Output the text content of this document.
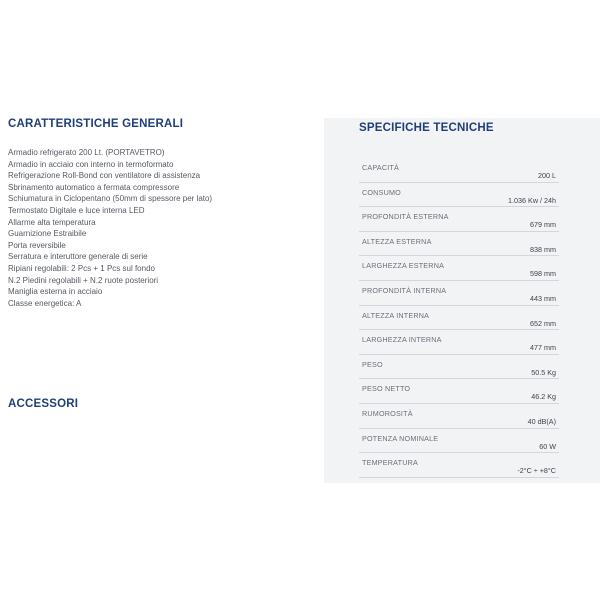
CARATTERISTICHE GENERALI
Armadio refrigerato 200 Lt. (PORTAVETRO)
Armadio in acciaio con interno in termoformato
Refrigerazione Roll-Bond con ventilatore di assistenza
Sbrinamento automatico a fermata compressore
Schiumatura in Ciclopentano (50mm di spessore per lato)
Termostato Digitale e luce interna LED
Allarme alta temperatura
Guarnizione Estraibile
Porta reversibile
Serratura e interuttore generale di serie
Ripiani regolabili: 2 Pcs + 1 Pcs sul fondo
N.2 Piedini regolabili + N.2 ruote posteriori
Maniglia esterna in acciaio
Classe energetica: A
ACCESSORI
SPECIFICHE TECNICHE
CAPACITÀ
200 L
CONSUMO
1.036 Kw / 24h
PROFONDITÀ ESTERNA
679 mm
ALTEZZA ESTERNA
838 mm
LARGHEZZA ESTERNA
598 mm
PROFONDITÀ INTERNA
443 mm
ALTEZZA INTERNA
652 mm
LARGHEZZA INTERNA
477 mm
PESO
50.5 Kg
PESO NETTO
46.2 Kg
RUMOROSITÀ
40 dB(A)
POTENZA NOMINALE
60 W
TEMPERATURA
-2°C ÷ +8°C
